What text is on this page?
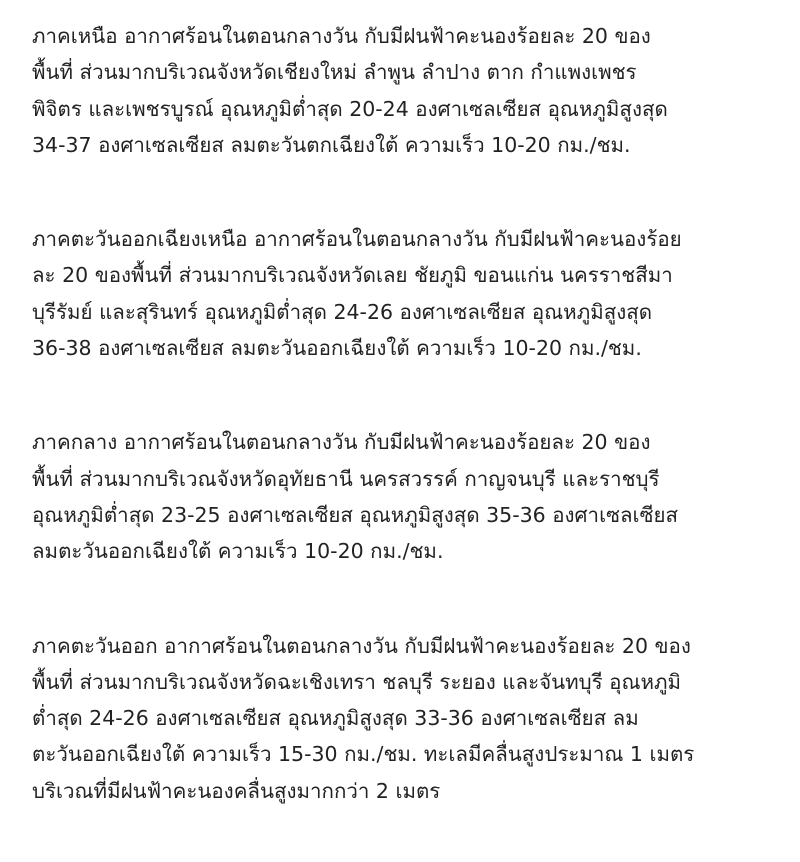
ภาคเหนือ อากาศร้อนในตอนกลางวัน กับมีฝนฟ้าคะนองร้อยละ 20 ของ
พื้นที่ ส่วนมากบริเวณจังหวัดเชียงใหม่ ลำพูน ลำปาง ตาก กำแพงเพชร
พิจิตร และเพชรบูรณ์ อุณหภูมิต่ำสุด 20-24 องศาเซลเซียส อุณหภูมิสูงสุด
34-37 องศาเซลเซียส ลมตะวันตกเฉียงใต้ ความเร็ว 10-20 กม./ชม.

ภาคตะวันออกเฉียงเหนือ อากาศร้อนในตอนกลางวัน กับมีฝนฟ้าคะนองร้อย
ละ 20 ของพื้นที่ ส่วนมากบริเวณจังหวัดเลย ชัยภูมิ ขอนแก่น นครราชสีมา
บุรีรัมย์ และสุรินทร์ อุณหภูมิต่ำสุด 24-26 องศาเซลเซียส อุณหภูมิสูงสุด
36-38 องศาเซลเซียส ลมตะวันออกเฉียงใต้ ความเร็ว 10-20 กม./ชม.

ภาคกลาง อากาศร้อนในตอนกลางวัน กับมีฝนฟ้าคะนองร้อยละ 20 ของ
พื้นที่ ส่วนมากบริเวณจังหวัดอุทัยธานี นครสวรรค์ กาญจนบุรี และราชบุรี
อุณหภูมิต่ำสุด 23-25 องศาเซลเซียส อุณหภูมิสูงสุด 35-36 องศาเซลเซียส
ลมตะวันออกเฉียงใต้ ความเร็ว 10-20 กม./ชม.

ภาคตะวันออก อากาศร้อนในตอนกลางวัน กับมีฝนฟ้าคะนองร้อยละ 20 ของ
พื้นที่ ส่วนมากบริเวณจังหวัดฉะเชิงเทรา ชลบุรี ระยอง และจันทบุรี อุณหภูมิ
ต่ำสุด 24-26 องศาเซลเซียส อุณหภูมิสูงสุด 33-36 องศาเซลเซียส ลม
ตะวันออกเฉียงใต้ ความเร็ว 15-30 กม./ชม. ทะเลมีคลื่นสูงประมาณ 1 เมตร
บริเวณที่มีฝนฟ้าคะนองคลื่นสูงมากกว่า 2 เมตร
